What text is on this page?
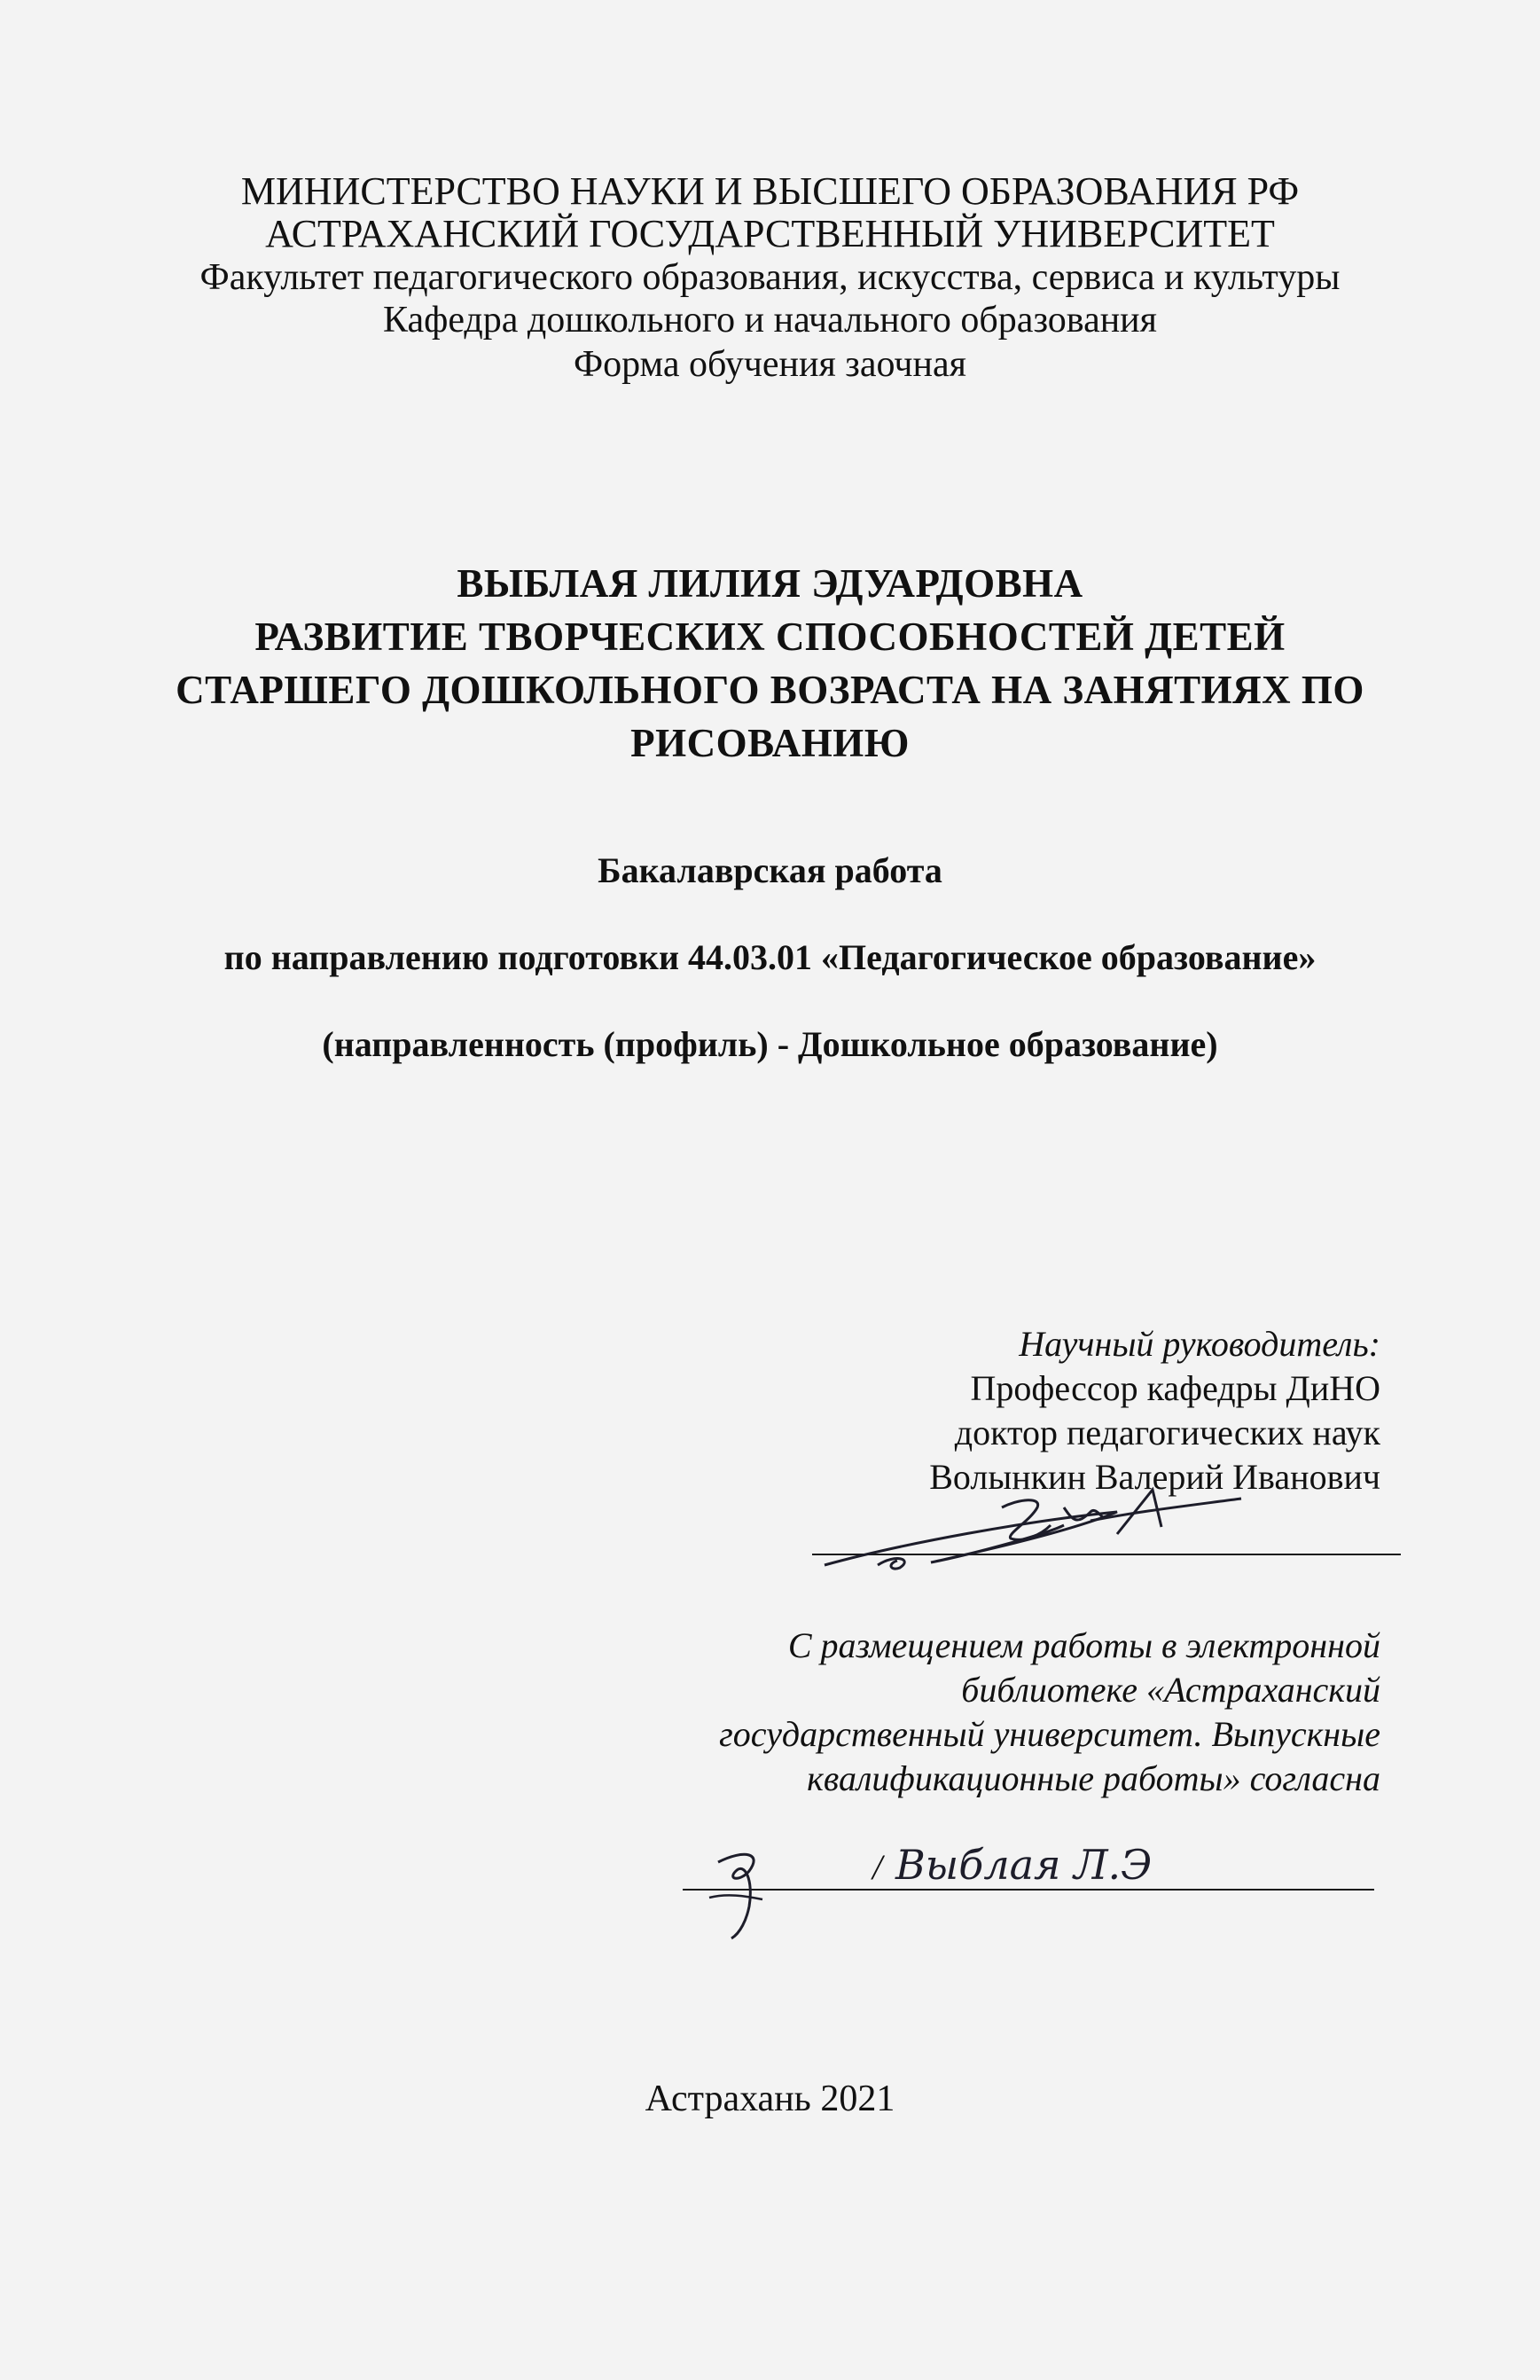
МИНИСТЕРСТВО НАУКИ И ВЫСШЕГО ОБРАЗОВАНИЯ РФ
АСТРАХАНСКИЙ ГОСУДАРСТВЕННЫЙ УНИВЕРСИТЕТ
Факультет педагогического образования, искусства, сервиса и культуры
Кафедра дошкольного и начального образования
Форма обучения заочная
ВЫБЛАЯ ЛИЛИЯ ЭДУАРДОВНА
РАЗВИТИЕ ТВОРЧЕСКИХ СПОСОБНОСТЕЙ ДЕТЕЙ
СТАРШЕГО ДОШКОЛЬНОГО ВОЗРАСТА НА ЗАНЯТИЯХ ПО
РИСОВАНИЮ
Бакалаврская работа
по направлению подготовки 44.03.01 «Педагогическое образование»
(направленность (профиль) - Дошкольное образование)
Научный руководитель:
Профессор кафедры ДиНО
доктор педагогических наук
Волынкин Валерий Иванович
С размещением работы в электронной
библиотеке «Астраханский
государственный университет. Выпускные
квалификационные работы» согласна
/ Выблая Л.Э
Астрахань 2021
